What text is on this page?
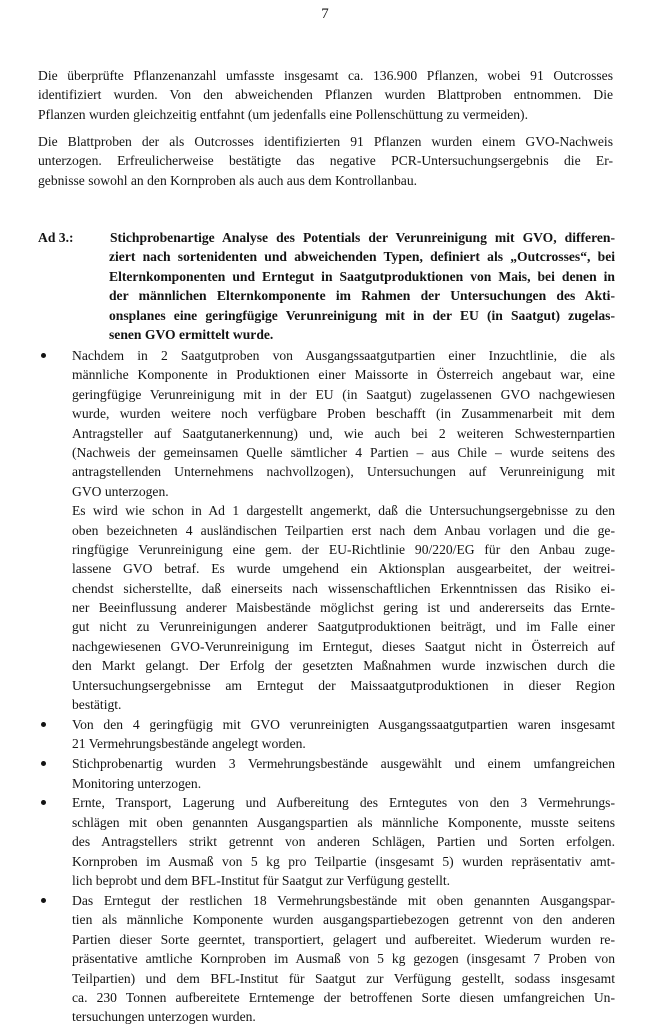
7
Die überprüfte Pflanzenanzahl umfasste insgesamt ca. 136.900 Pflanzen, wobei 91 Outcrosses
identifiziert wurden. Von den abweichenden Pflanzen wurden Blattproben entnommen. Die
Pflanzen wurden gleichzeitig entfahnt (um jedenfalls eine Pollenschüttung zu vermeiden).
Die Blattproben der als Outcrosses identifizierten 91 Pflanzen wurden einem GVO-Nachweis
unterzogen. Erfreulicherweise bestätigte das negative PCR-Untersuchungsergebnis die Er-
gebnisse sowohl an den Kornproben als auch aus dem Kontrollanbau.
Ad 3.:	Stichprobenartige Analyse des Potentials der Verunreinigung mit GVO, differen-
ziert nach sortenidenten und abweichenden Typen, definiert als „Outcrosses“, bei
Elternkomponenten und Erntegut in Saatgutproduktionen von Mais, bei denen in
der männlichen Elternkomponente im Rahmen der Untersuchungen des Akti-
onsplanes eine geringfügige Verunreinigung mit in der EU (in Saatgut) zugelas-
senen GVO ermittelt wurde.
Nachdem in 2 Saatgutproben von Ausgangssaatgutpartien einer Inzuchtlinie, die als
männliche Komponente in Produktionen einer Maissorte in Österreich angebaut war, eine
geringfügige Verunreinigung mit in der EU (in Saatgut) zugelassenen GVO nachgewiesen
wurde, wurden weitere noch verfügbare Proben beschafft (in Zusammenarbeit mit dem
Antragsteller auf Saatgutanerkennung) und, wie auch bei 2 weiteren Schwesternpartien
(Nachweis der gemeinsamen Quelle sämtlicher 4 Partien – aus Chile – wurde seitens des
antragstellenden Unternehmens nachvollzogen), Untersuchungen auf Verunreinigung mit
GVO unterzogen.
Es wird wie schon in Ad 1 dargestellt angemerkt, daß die Untersuchungsergebnisse zu den
oben bezeichneten 4 ausländischen Teilpartien erst nach dem Anbau vorlagen und die ge-
ringfügige Verunreinigung eine gem. der EU-Richtlinie 90/220/EG für den Anbau zuge-
lassene GVO betraf. Es wurde umgehend ein Aktionsplan ausgearbeitet, der weitrei-
chendst sicherstellte, daß einerseits nach wissenschaftlichen Erkenntnissen das Risiko ei-
ner Beeinflussung anderer Maisbestände möglichst gering ist und andererseits das Ernte-
gut nicht zu Verunreinigungen anderer Saatgutproduktionen beiträgt, und im Falle einer
nachgewiesenen GVO-Verunreinigung im Erntegut, dieses Saatgut nicht in Österreich auf
den Markt gelangt. Der Erfolg der gesetzten Maßnahmen wurde inzwischen durch die
Untersuchungsergebnisse am Erntegut der Maissaatgutproduktionen in dieser Region
bestätigt.
Von den 4 geringfügig mit GVO verunreinigten Ausgangssaatgutpartien waren insgesamt
21 Vermehrungsbestände angelegt worden.
Stichprobenartig wurden 3 Vermehrungsbestände ausgewählt und einem umfangreichen
Monitoring unterzogen.
Ernte, Transport, Lagerung und Aufbereitung des Erntegutes von den 3 Vermehrungs-
schlägen mit oben genannten Ausgangspartien als männliche Komponente, musste seitens
des Antragstellers strikt getrennt von anderen Schlägen, Partien und Sorten erfolgen.
Kornproben im Ausmaß von 5 kg pro Teilpartie (insgesamt 5) wurden repräsentativ amt-
lich beprobt und dem BFL-Institut für Saatgut zur Verfügung gestellt.
Das Erntegut der restlichen 18 Vermehrungsbestände mit oben genannten Ausgangspar-
tien als männliche Komponente wurden ausgangspartiebezogen getrennt von den anderen
Partien dieser Sorte geerntet, transportiert, gelagert und aufbereitet. Wiederum wurden re-
präsentative amtliche Kornproben im Ausmaß von 5 kg gezogen (insgesamt 7 Proben von
Teilpartien) und dem BFL-Institut für Saatgut zur Verfügung gestellt, sodass insgesamt
ca. 230 Tonnen aufbereitete Erntemenge der betroffenen Sorte diesen umfangreichen Un-
tersuchungen unterzogen wurden.
